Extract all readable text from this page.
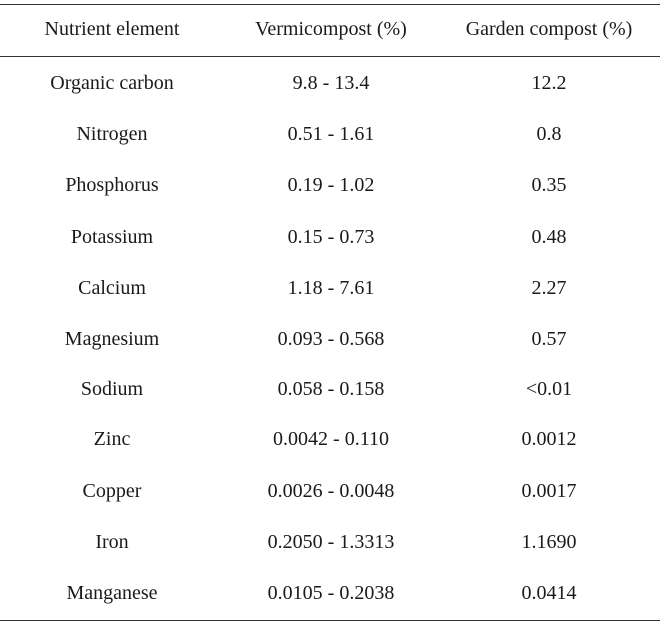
Nutrient element	Vermicompost (%)	Garden compost (%)
Organic carbon	9.8 - 13.4	12.2
Nitrogen	0.51 - 1.61	0.8
Phosphorus	0.19 - 1.02	0.35
Potassium	0.15 - 0.73	0.48
Calcium	1.18 - 7.61	2.27
Magnesium	0.093 - 0.568	0.57
Sodium	0.058 - 0.158	<0.01
Zinc	0.0042 - 0.110	0.0012
Copper	0.0026 - 0.0048	0.0017
Iron	0.2050 - 1.3313	1.1690
Manganese	0.0105 - 0.2038	0.0414
